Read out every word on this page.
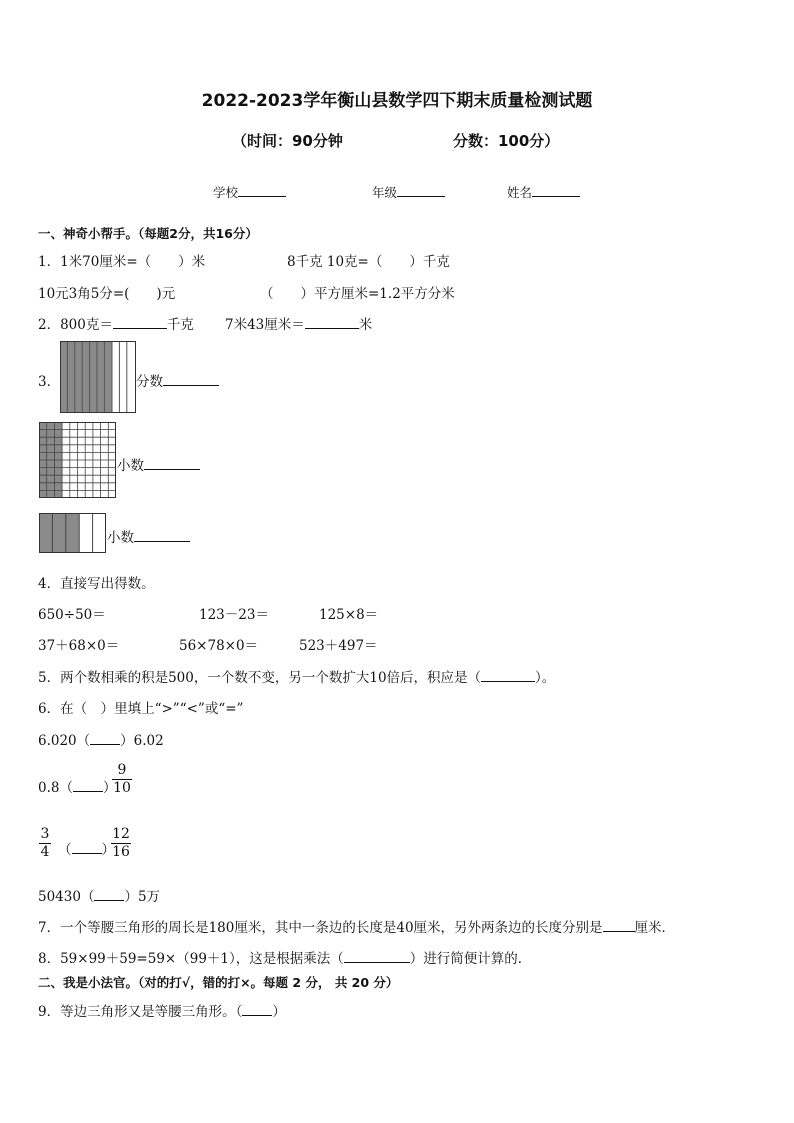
2022-2023学年衡山县数学四下期末质量检测试题
（时间：90分钟	分数：100分）
学校	年级	姓名
一、神奇小帮手。（每题2分，共16分）
1．1米70厘米=（　　）米	8千克 10克=（　　）千克
10元3角5分=(　　)元	（　　）平方厘米=1.2平方分米
2．800克＝	千克 7米43厘米＝	米
3．	分数
小数
小数
4．直接写出得数。
650÷50＝	123－23＝	125×8＝
37＋68×0＝	56×78×0＝	523＋497＝
5．两个数相乘的积是500，一个数不变，另一个数扩大10倍后，积应是（	）。
6．在（　）里填上“>”“<”或“=”
6.020（ ）6.02
0.8（ ）
9
10
3
4 （ ）
12
16
50430（ ）5万
7．一个等腰三角形的周长是180厘米，其中一条边的长度是40厘米，另外两条边的长度分别是 厘米．
8．59×99＋59=59×（99＋1），这是根据乘法（	）进行简便计算的．
二、我是小法官。（对的打√，错的打×。每题 2 分， 共 20 分）
9．等边三角形又是等腰三角形。（ ）
